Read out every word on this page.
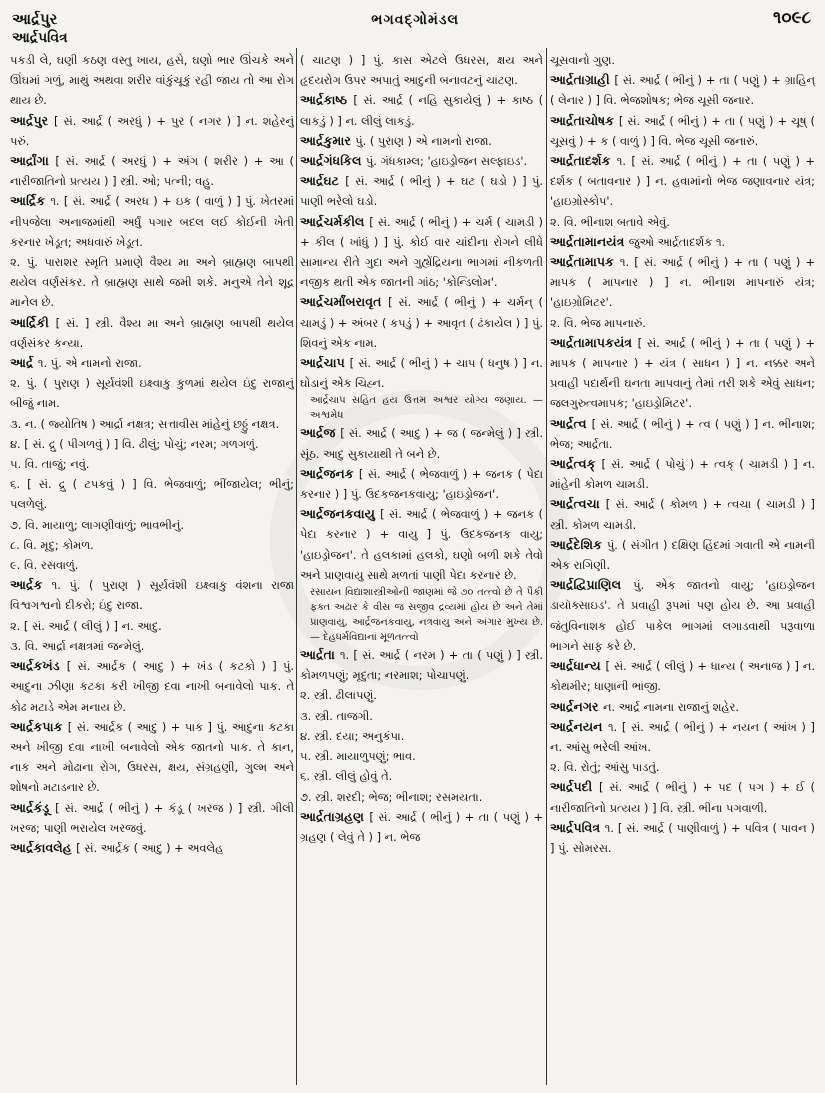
આર્દ્રપુર	ભગવદ્ગોમંડલ	૧૦૯૮
આર્દ્રપવિત્ર
પકડી લે, ઘણી કઠણ વસ્તુ ખાય, હસે, ઘણો ભાર ઊંચકે અને ઊંઘમાં ગળું, માથું અથવા શરીર વાંકુંચૂકું રહી જાય તો આ રોગ થાય છે.
આર્દ્રપુર [ સં. આર્દ્ર ( અરધું ) + પુર ( નગર ) ] ન. શહેરનું પરું.
આર્દ્રાંગા [ સં. આર્દ્ર ( અરધું ) + અંગ ( શરીર ) + આ ( નારીજાતિનો પ્રત્યય ) ] સ્ત્રી. ઓ; પત્ની; વહુ.
આર્દ્રિક ૧. [ સં. આર્દ્ર ( અરધ ) + ઇક ( વાળું ) ] પું. ખેતરમાં નીપજેલા અનાજમાંથી અર્ધું પગાર બદલ લઈ કોઈની ખેતી કરનાર ખેડૂત; અધવારું ખેડૂત.
૨. પું. પારાશર સ્મૃતિ પ્રમાણે વૈશ્ય મા અને બ્રાહ્મણ બાપથી થયેલ વર્ણસંકર. તે બ્રાહ્મણ સાથે જમી શકે. મનુએ તેને શૂદ્ર માનેલ છે.
આર્દ્રિકી [ સં. ] સ્ત્રી. વૈશ્ય મા અને બ્રાહ્મણ બાપથી થયેલ વર્ણસંકર કન્યા.
આર્દ્ર ૧. પું. એ નામનો રાજા.
૨. પું. ( પુરાણ ) સૂર્યવંશી ઇક્ષ્વાકુ કુળમાં થયેલ ઇંદુ રાજાનું બીજું નામ.
૩. ન. ( જ્યોતિષ ) આર્દ્રા નક્ષત્ર; સત્તાવીસ માંહેનું છઠ્ઠું નક્ષત્ર.
૪. [ સં. દ્રુ ( પીગળવું ) ] વિ. ઢીલું; પોચું; નરમ; ગળગળું.
૫. વિ. તાજું; નવું.
૬. [ સં. દ્રુ ( ટપકવું ) ] વિ. ભેજવાળું; ભીંજાયેલ; ભીનું; પલળેલું.
૭. વિ. માયાળુ; લાગણીવાળું; ભાવભીનું.
૮. વિ. મૃદુ; કોમળ.
૯. વિ. રસવાળું.
આર્દ્રક ૧. પું. ( પુરાણ ) સૂર્યવંશી ઇક્ષ્વાકુ વંશના રાજા વિશ્વગશ્વનો દીકરો; ઇંદુ રાજા.
૨. [ સં. આર્દ્ર ( લીલું ) ] ન. આદુ.
૩. વિ. આર્દ્રા નક્ષત્રમાં જન્મેલું.
આર્દ્રકખંડ [ સં. આર્દ્રક ( આદુ ) + ખંડ ( કટકો ) ] પું. આદુના ઝીણા કટકા કરી ખીજી દવા નાખી બનાવેલો પાક. તે કોઢ મટાડે એમ મનાય છે.
આર્દ્રકપાક [ સં. આર્દ્રક ( આદુ ) + પાક ] પું. આદુના કટકા અને ખીજી દવા નાખી બનાવેલો એક જાતનો પાક. તે કાન, નાક અને મોઢાના રોગ, ઉધરસ, ક્ષય, સંગ્રહણી, ગુલ્મ અને શોષનો મટાડનાર છે.
આર્દ્રકંડૂ [ સં. આર્દ્ર ( ભીનું ) + કંડૂ ( ખરજ ) ] સ્ત્રી. ગીલી ખરજ; પાણી ભરાયેલ ખરજવું.
આર્દ્રકાવલેહ [ સં. આર્દ્રક ( આદુ ) + અવલેહ
( ચાટણ ) ] પું. કાસ એટલે ઉધરસ, ક્ષય અને હૃદયરોગ ઉપર અપાતું આદુની બનાવટનું ચાટણ.
આર્દ્રકાષ્ઠ [ સં. આર્દ્ર ( નહિ સુકાયેલું ) + કાષ્ઠ ( લાકડું ) ] ન. લીલું લાકડું.
આર્દ્રકુમાર પું. ( પુરાણ ) એ નામનો રાજા.
આર્દ્રગંધકિલ પું. ગંધકામ્લ; 'હાઇડ્રોજન સલ્ફાઇડ'.
આર્દ્રઘટ [ સં. આર્દ્ર ( ભીનું ) + ઘટ ( ઘડો ) ] પું. પાણી ભરેલો ઘડો.
આર્દ્રચર્મકીલ [ સં. આર્દ્ર ( ભીનું ) + ચર્મ ( ચામડી ) + કીલ ( ખાંધું ) ] પું. કોઈ વાર ચાંદીના રોગને લીધે સામાન્ય રીતે ગુદા અને ગુહ્યેંદ્રિયના ભાગમાં નીકળતી નજીક થતી એક જાતની ગાંઠ; 'કોન્ડિલોમ'.
આર્દ્રચર્માંબરાવૃત [ સં. આર્દ્ર ( ભીનું ) + ચર્મન્ ( ચામડું ) + અંબર ( કપડું ) + આવૃત ( ઢંકાયેલ ) ] પું. શિવનું એક નામ.
આર્દ્રચાપ [ સં. આર્દ્ર ( ભીનું ) + ચાપ ( ધનુષ ) ] ન. ઘોડાનું એક ચિહ્ન.
આર્દ્રચાપ સહિત હય ઉત્તમ અશ્વર યોગ્ય જણાય. — અશ્વમેધ
આર્દ્રજ [ સં. આર્દ્ર ( આદુ ) + જ ( જન્મેલું ) ] સ્ત્રી. સૂંઠ. આદુ સુકાયાથી તે બને છે.
આર્દ્રજનક [ સં. આર્દ્ર ( ભેજવાળું ) + જનક ( પેદા કરનાર ) ] પું. ઉદકજનકવાયુ; 'હાઇડ્રોજન'.
આર્દ્રજનકવાયુ [ સં. આર્દ્ર ( ભેજવાળું ) + જનક ( પેદા કરનાર ) + વાયુ ] પું. ઉદકજનક વાયુ; 'હાઇડ્રોજન'. તે હલકામાં હલકો, ઘણો બળી શકે તેવો અને પ્રાણવાયુ સાથે મળતાં પાણી પેદા કરનાર છે.
રસાયન વિદ્યાશાસ્ત્રીઓની જાણમાં જે ૭૦ તત્ત્વો છે તે પૈકી ફક્ત અઢાર કે વીસ જ સજીવ દ્રવ્યમાં હોય છે અને તેમાં પ્રાણવાયુ, આર્દ્રજનકવાયુ, નત્રવાયુ અને અંગાર મુખ્ય છે. — દેહધર્મવિદ્યાનાં મૂળતત્ત્વો
આર્દ્રતા ૧. [ સં. આર્દ્ર ( નરમ ) + તા ( પણું ) ] સ્ત્રી. કોમળપણું; મૃદુતા; નરમાશ; પોચાપણું.
૨. સ્ત્રી. ઢીલાપણું.
૩. સ્ત્રી. તાજગી.
૪. સ્ત્રી. દયા; અનુકંપા.
૫. સ્ત્રી. માયાળુપણું; ભાવ.
૬. સ્ત્રી. લીલું હોવું તે.
૭. સ્ત્રી. શરદી; ભેજ; ભીનાશ; રસમયતા.
આર્દ્રતાગ્રહણ [ સં. આર્દ્ર ( ભીનું ) + તા ( પણું ) + ગ્રહણ ( લેવું તે ) ] ન. ભેજ
ચૂસવાનો ગુણ.
આર્દ્રતાગ્રાહી [ સં. આર્દ્ર ( ભીનું ) + તા ( પણું ) + ગ્રાહિન્ ( લેનાર ) ] વિ. ભેજશોષક; ભેજ ચૂસી જનાર.
આર્દ્રતાચોષક [ સં. આર્દ્ર ( ભીનું ) + તા ( પણું ) + ચૂષ્ ( ચૂસવું ) + ક ( વાળું ) ] વિ. ભેજ ચૂસી જનારું.
આર્દ્રતાદર્શક ૧. [ સં. આર્દ્ર ( ભીનું ) + તા ( પણું ) + દર્શક ( બતાવનાર ) ] ન. હવામાંનો ભેજ જણાવનાર યંત્ર; 'હાઇગ્રોસ્કોપ'.
૨. વિ. ભીનાશ બતાવે એવું.
આર્દ્રતામાનયંત્ર જુઓ આર્દ્રતાદર્શક ૧.
આર્દ્રતામાપક ૧. [ સં. આર્દ્ર ( ભીનું ) + તા ( પણું ) + માપક ( માપનાર ) ] ન. ભીનાશ માપનારું યંત્ર; 'હાઇગ્રોમિટર'.
૨. વિ. ભેજ માપનારું.
આર્દ્રતામાપકયંત્ર [ સં. આર્દ્ર ( ભીનું ) + તા ( પણું ) + માપક ( માપનાર ) + યંત્ર ( સાધન ) ] ન. નક્કર અને પ્રવાહી પદાર્થની ઘનતા માપવાનું તેમાં તરી શકે એવું સાધન; જલગુરુત્વમાપક; 'હાઇડ્રોમિટર'.
આર્દ્રત્વ [ સં. આર્દ્ર ( ભીનું ) + ત્વ ( પણું ) ] ન. ભીનાશ; ભેજ; આર્દ્રતા.
આર્દ્રત્વક્ [ સં. આર્દ્ર ( પોચું ) + ત્વક્ ( ચામડી ) ] ન. માંહેની કોમળ ચામડી.
આર્દ્રત્વચા [ સં. આર્દ્ર ( કોમળ ) + ત્વચા ( ચામડી ) ] સ્ત્રી. કોમળ ચામડી.
આર્દ્રદેશિક પું. ( સંગીત ) દક્ષિણ હિંદમાં ગવાતી એ નામની એક રાગિણી.
આર્દ્રદ્વિપ્રાણિલ પું. એક જાતનો વાયુ; 'હાઇડ્રોજન ડાયૉક્સાઇડ'. તે પ્રવાહી રૂપમાં પણ હોય છે. આ પ્રવાહી જંતુવિનાશક હોઈ પાકેલ ભાગમાં લગાડવાથી પરૂવાળા ભાગને સાફ કરે છે.
આર્દ્રધાન્ય [ સં. આર્દ્ર ( લીલું ) + ધાન્ય ( અનાજ ) ] ન. કોથમીર; ધાણાની ભાજી.
આર્દ્રનગર ન. આર્દ્ર નામના રાજાનું શહેર.
આર્દ્રનયન ૧. [ સં. આર્દ્ર ( ભીનું ) + નયન ( આંખ ) ] ન. આંસુ ભરેલી આંખ.
૨. વિ. રોતું; આંસુ પાડતું.
આર્દ્રપદી [ સં. આર્દ્ર ( ભીનું ) + પદ ( પગ ) + ઈ ( નારીજાતિનો પ્રત્યય ) ] વિ. સ્ત્રી. ભીના પગવાળી.
આર્દ્રપવિત્ર ૧. [ સં. આર્દ્ર ( પાણીવાળું ) + પવિત્ર ( પાવન ) ] પું. સોમરસ.
